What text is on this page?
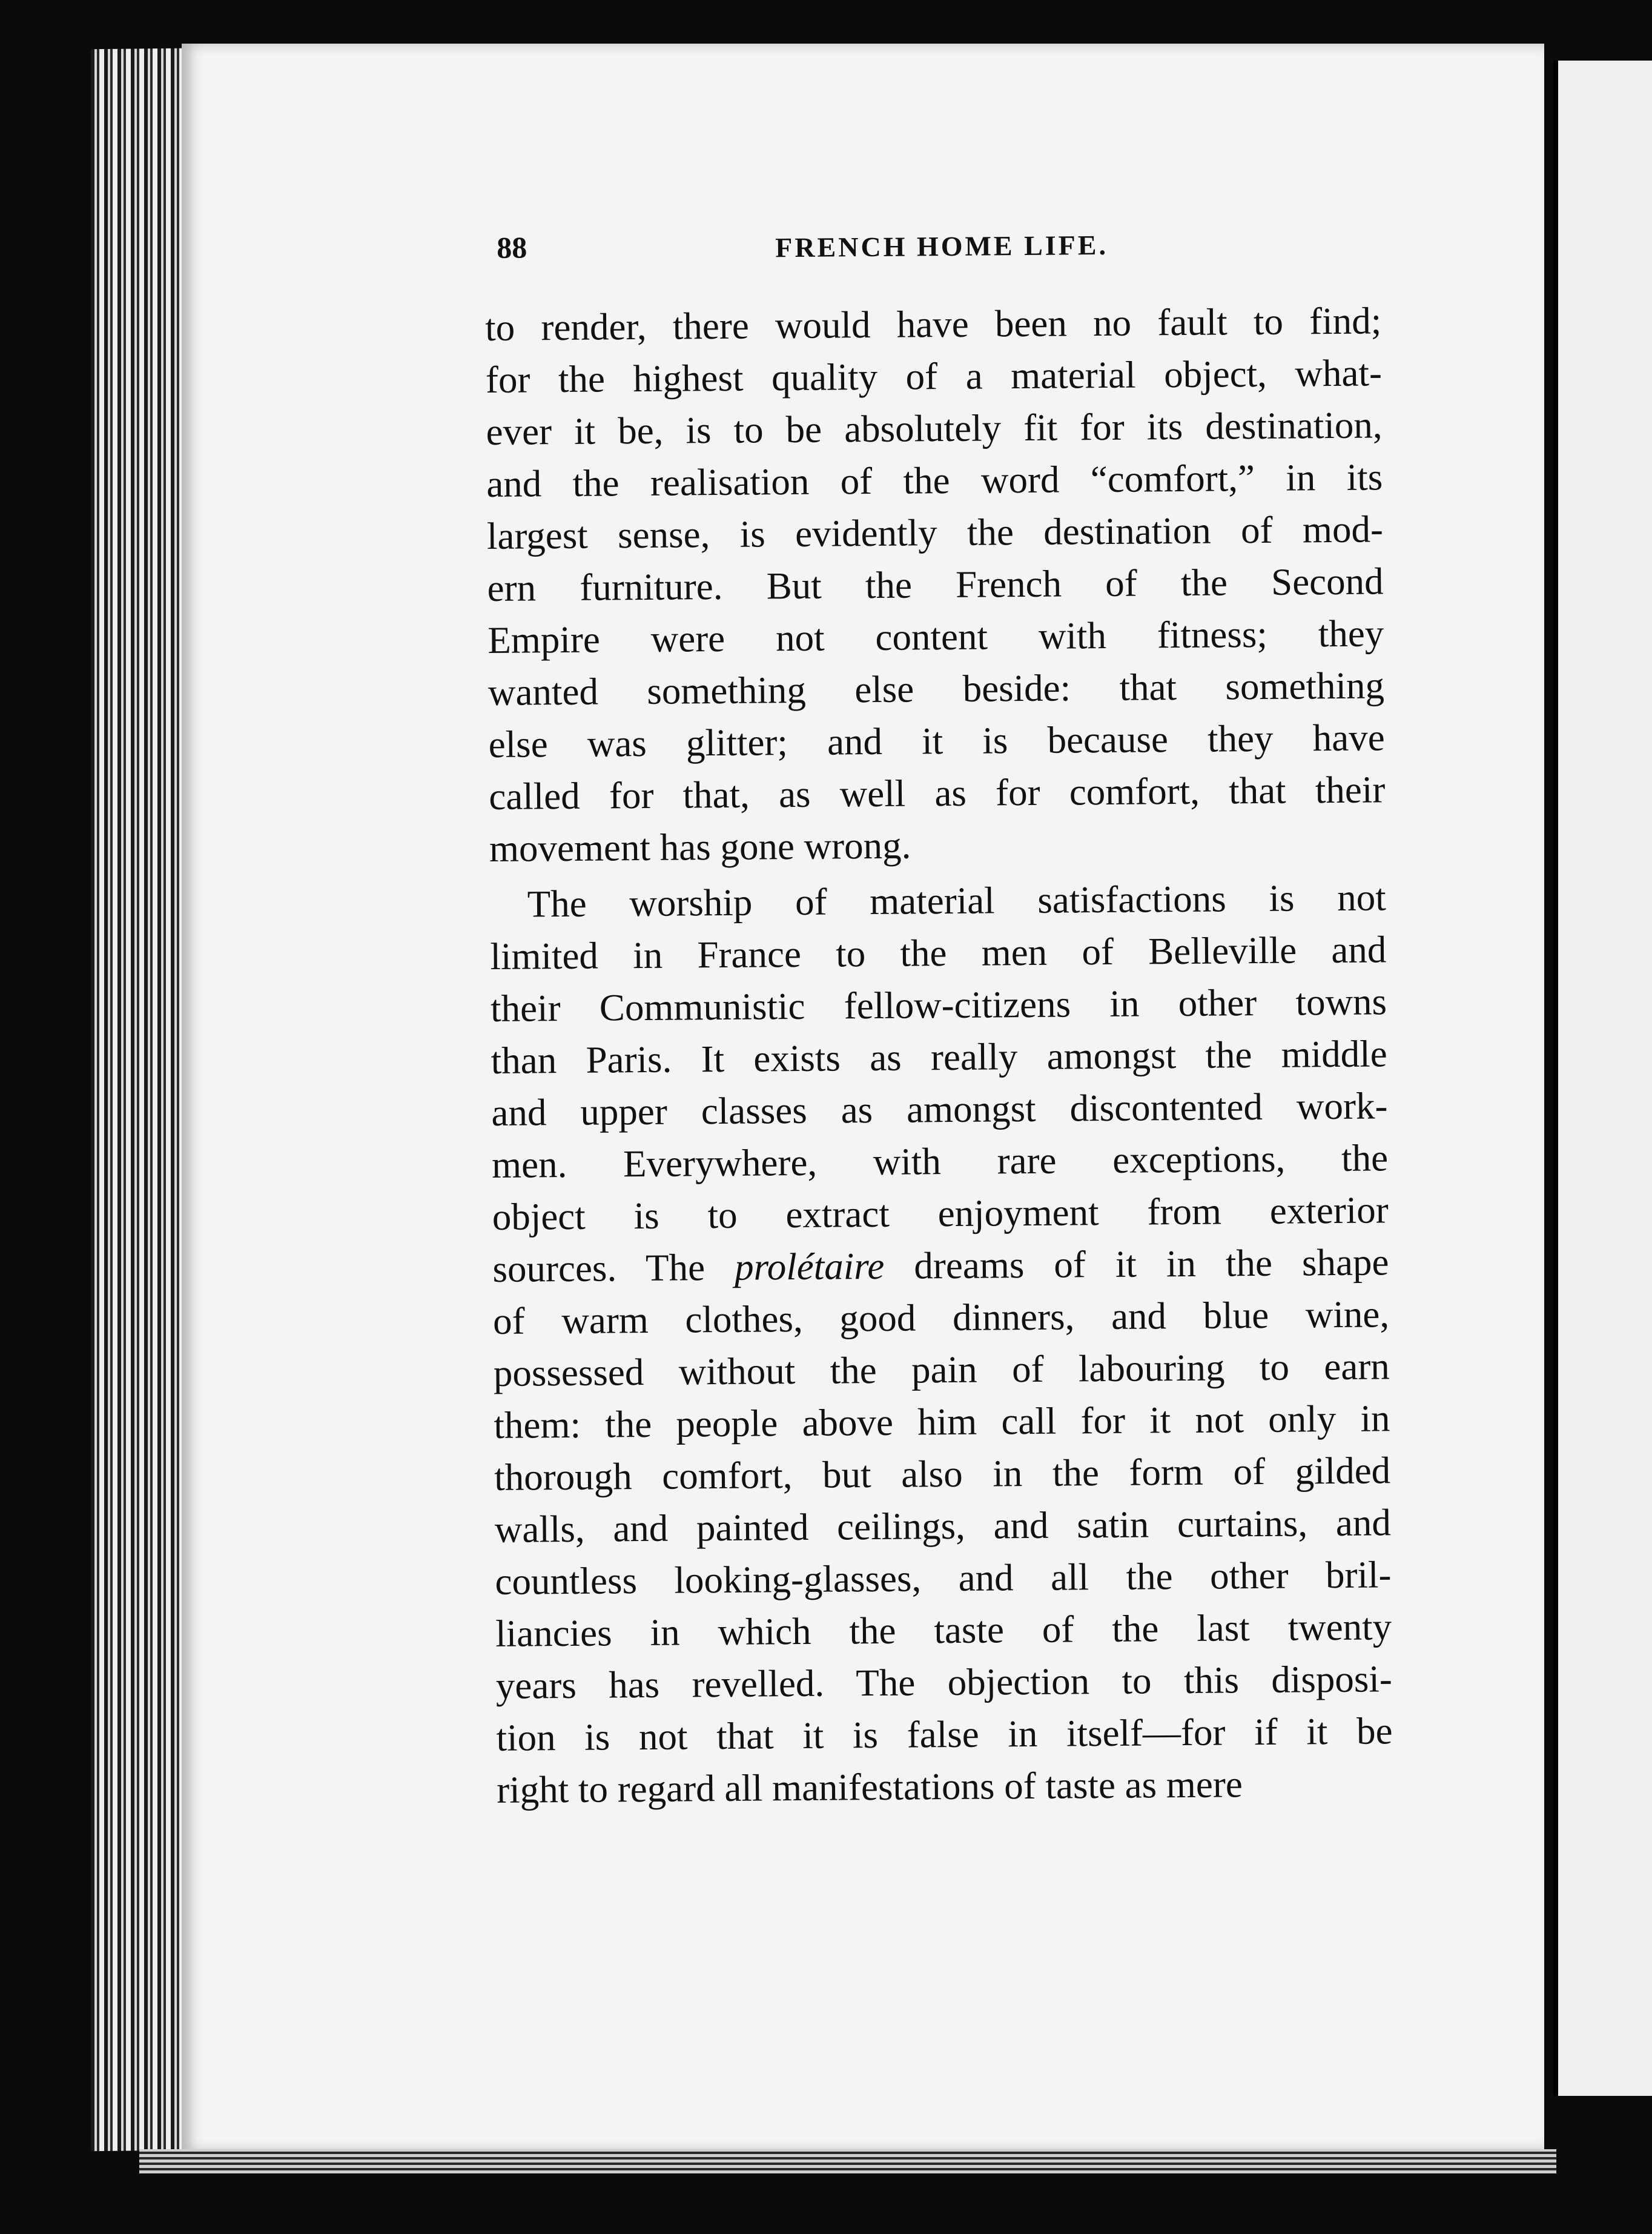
88	FRENCH HOME LIFE.
to render, there would have been no fault to find;
for the highest quality of a material object, what-
ever it be, is to be absolutely fit for its destination,
and the realisation of the word “comfort,” in its
largest sense, is evidently the destination of mod-
ern furniture. But the French of the Second
Empire were not content with fitness; they
wanted something else beside: that something
else was glitter; and it is because they have
called for that, as well as for comfort, that their
movement has gone wrong.
The worship of material satisfactions is not
limited in France to the men of Belleville and
their Communistic fellow-citizens in other towns
than Paris. It exists as really amongst the middle
and upper classes as amongst discontented work-
men. Everywhere, with rare exceptions, the
object is to extract enjoyment from exterior
sources. The prolétaire dreams of it in the shape
of warm clothes, good dinners, and blue wine,
possessed without the pain of labouring to earn
them: the people above him call for it not only in
thorough comfort, but also in the form of gilded
walls, and painted ceilings, and satin curtains, and
countless looking-glasses, and all the other bril-
liancies in which the taste of the last twenty
years has revelled. The objection to this disposi-
tion is not that it is false in itself—for if it be
right to regard all manifestations of taste as mere
